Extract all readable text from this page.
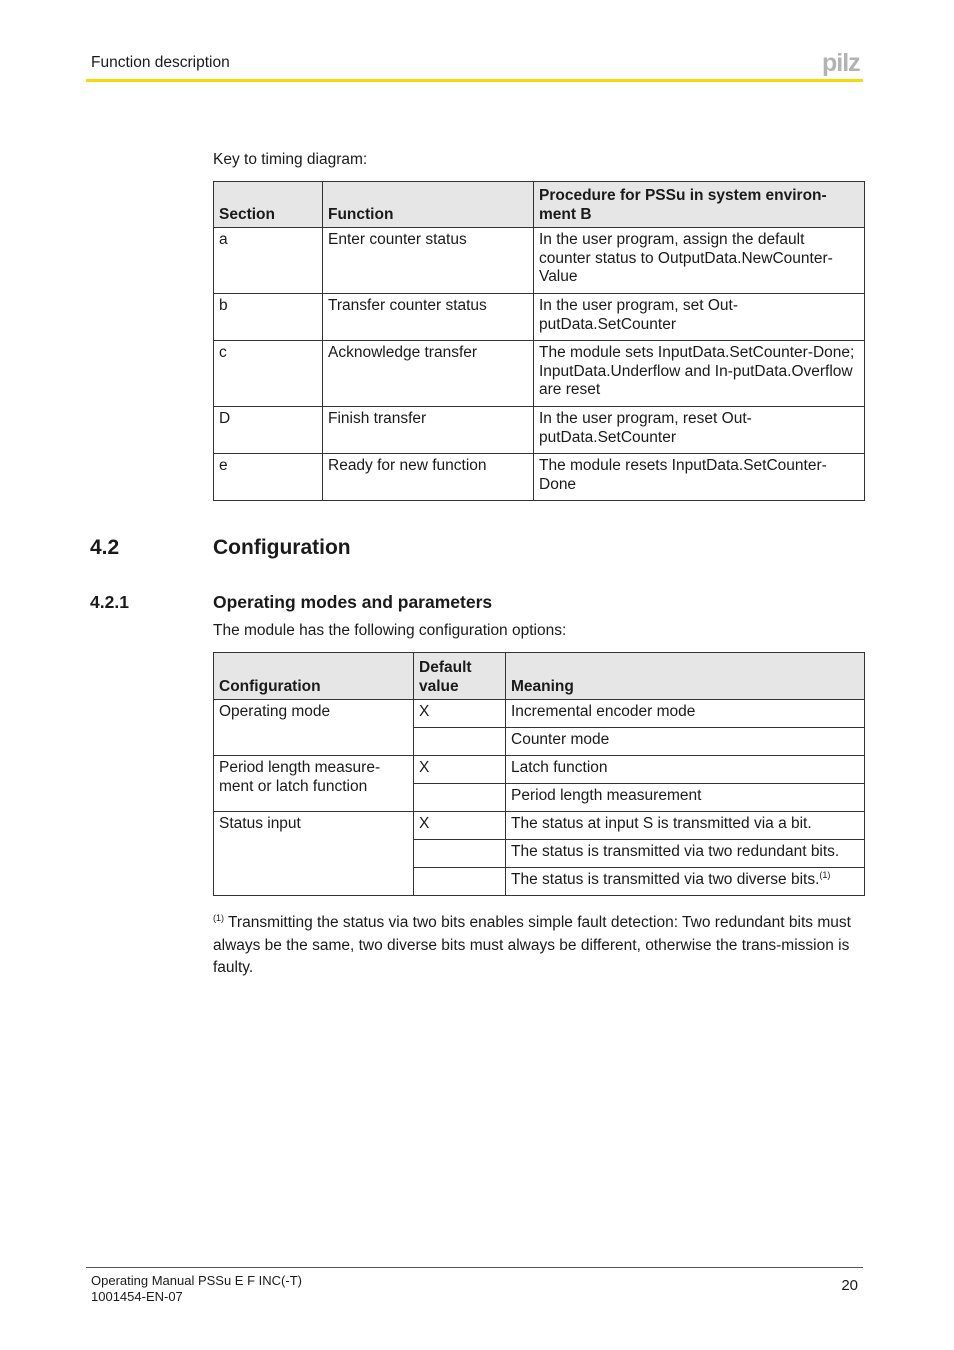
Function description	pilz
Key to timing diagram:
Section	Function	Procedure for PSSu in system environ-ment B
a	Enter counter status	In the user program, assign the default counter status to OutputData.NewCounter-Value
b	Transfer counter status	In the user program, set Out-putData.SetCounter
c	Acknowledge transfer	The module sets InputData.SetCounter-Done; InputData.Underflow and In-putData.Overflow are reset
D	Finish transfer	In the user program, reset Out-putData.SetCounter
e	Ready for new function	The module resets InputData.SetCounter-Done
4.2	Configuration
4.2.1	Operating modes and parameters
The module has the following configuration options:
Configuration	Default value	Meaning
Operating mode	X	Incremental encoder mode
		Counter mode
Period length measure-ment or latch function	X	Latch function
		Period length measurement
Status input	X	The status at input S is transmitted via a bit.
		The status is transmitted via two redundant bits.
		The status is transmitted via two diverse bits.$^{(1)}$
$^{(1)}$ Transmitting the status via two bits enables simple fault detection: Two redundant bits must always be the same, two diverse bits must always be different, otherwise the trans-mission is faulty.
Operating Manual PSSu E F INC(-T)
1001454-EN-07
20
